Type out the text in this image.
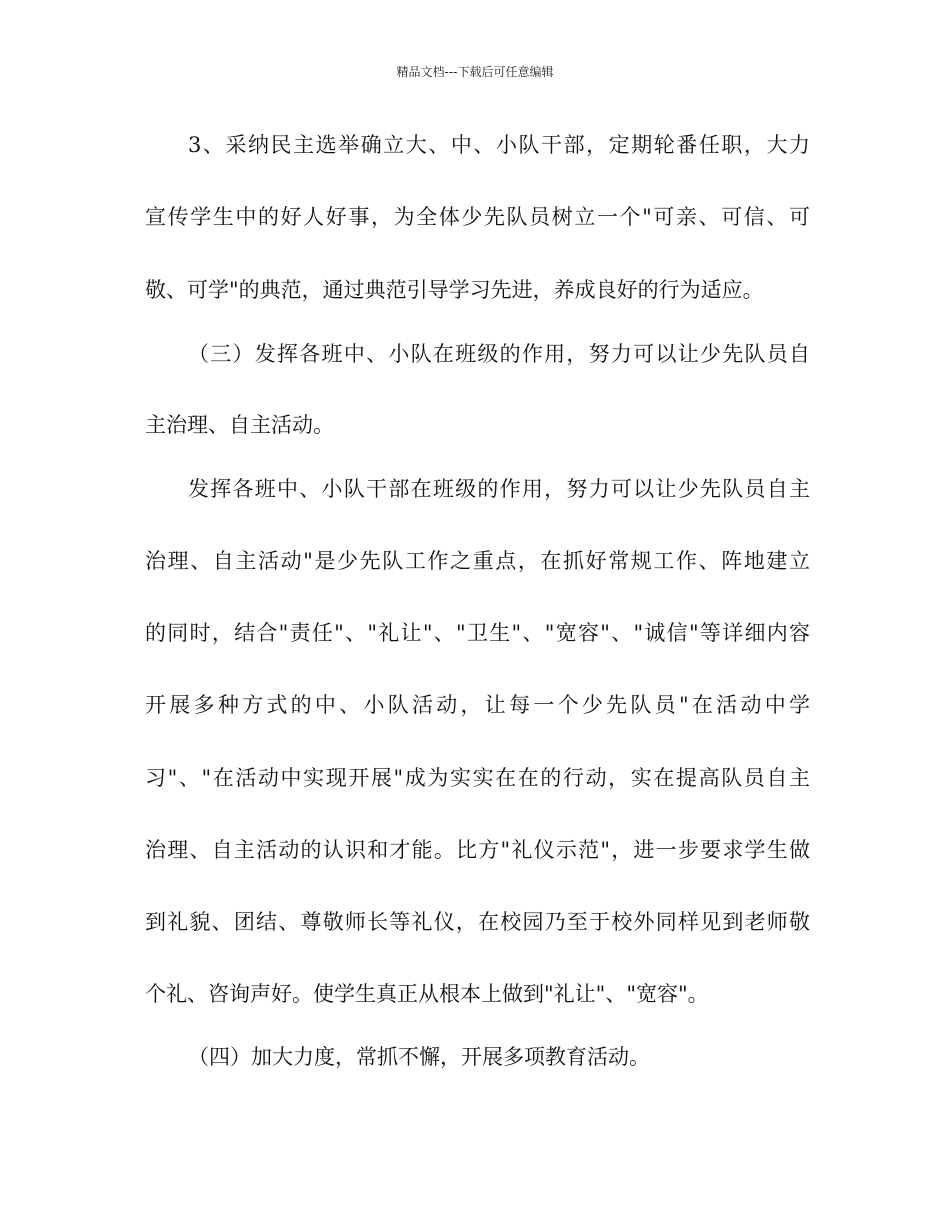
精品文档---下载后可任意编辑
3、采纳民主选举确立大、中、小队干部，定期轮番任职，大力
宣传学生中的好人好事，为全体少先队员树立一个"可亲、可信、可
敬、可学"的典范，通过典范引导学习先进，养成良好的行为适应。
（三）发挥各班中、小队在班级的作用，努力可以让少先队员自
主治理、自主活动。
发挥各班中、小队干部在班级的作用，努力可以让少先队员自主
治理、自主活动"是少先队工作之重点，在抓好常规工作、阵地建立
的同时，结合"责任"、"礼让"、"卫生"、"宽容"、"诚信"等详细内容
开展多种方式的中、小队活动，让每一个少先队员"在活动中学
习"、"在活动中实现开展"成为实实在在的行动，实在提高队员自主
治理、自主活动的认识和才能。比方"礼仪示范"，进一步要求学生做
到礼貌、团结、尊敬师长等礼仪，在校园乃至于校外同样见到老师敬
个礼、咨询声好。使学生真正从根本上做到"礼让"、"宽容"。
（四）加大力度，常抓不懈，开展多项教育活动。
